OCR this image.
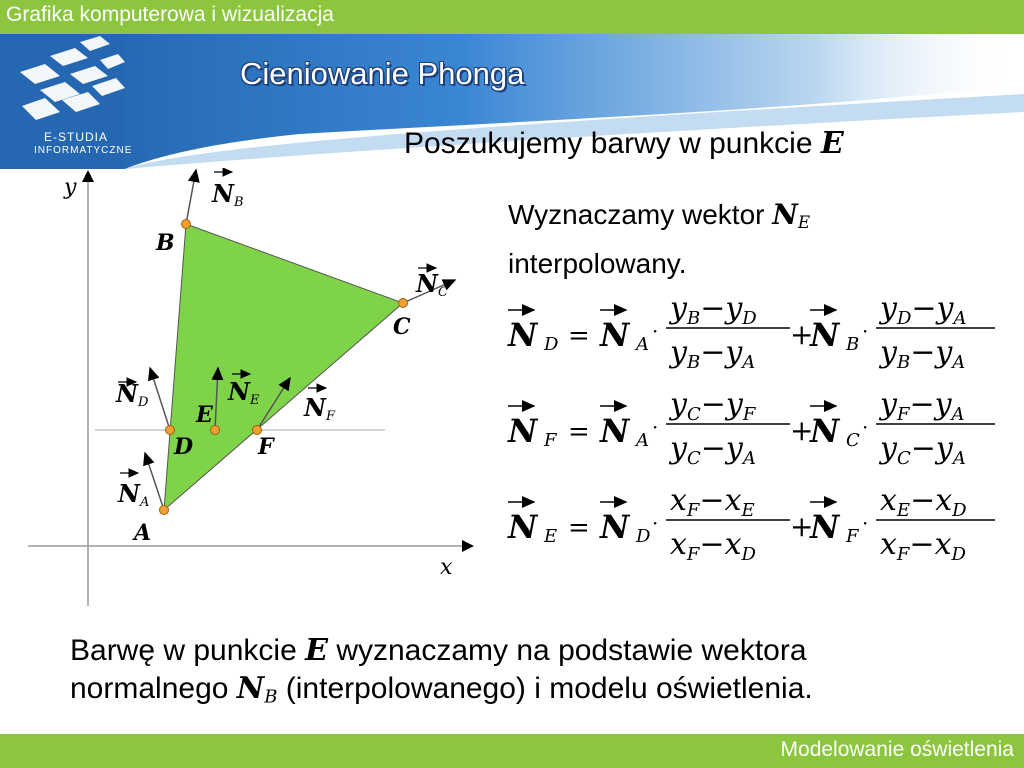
Grafika komputerowa i wizualizacja
E-STUDIA
INFORMATYCZNE
Cieniowanie Phonga
Poszukujemy barwy w punkcie E
Wyznaczamy wektor $N_E$
interpolowany.
x
y
A
B
C
D
E
F
NA
NB
NC
ND	NE NF
N D = N A
·
$y_B-y_D$
$y_B-y_A$
+
N B
·
$y_D-y_A$
$y_B-y_A$
N F = N A
·
$y_C-y_F$
$y_C-y_A$
+
N C
·
$y_F-y_A$
$y_C-y_A$
N E = N D
·
$x_F-x_E$
$x_F-x_D$
+
N F
·
$x_E-x_D$
$x_F-x_D$
Barwę w punkcie E wyznaczamy na podstawie wektora
normalnego $N_B$ (interpolowanego) i modelu oświetlenia.
Modelowanie oświetlenia
